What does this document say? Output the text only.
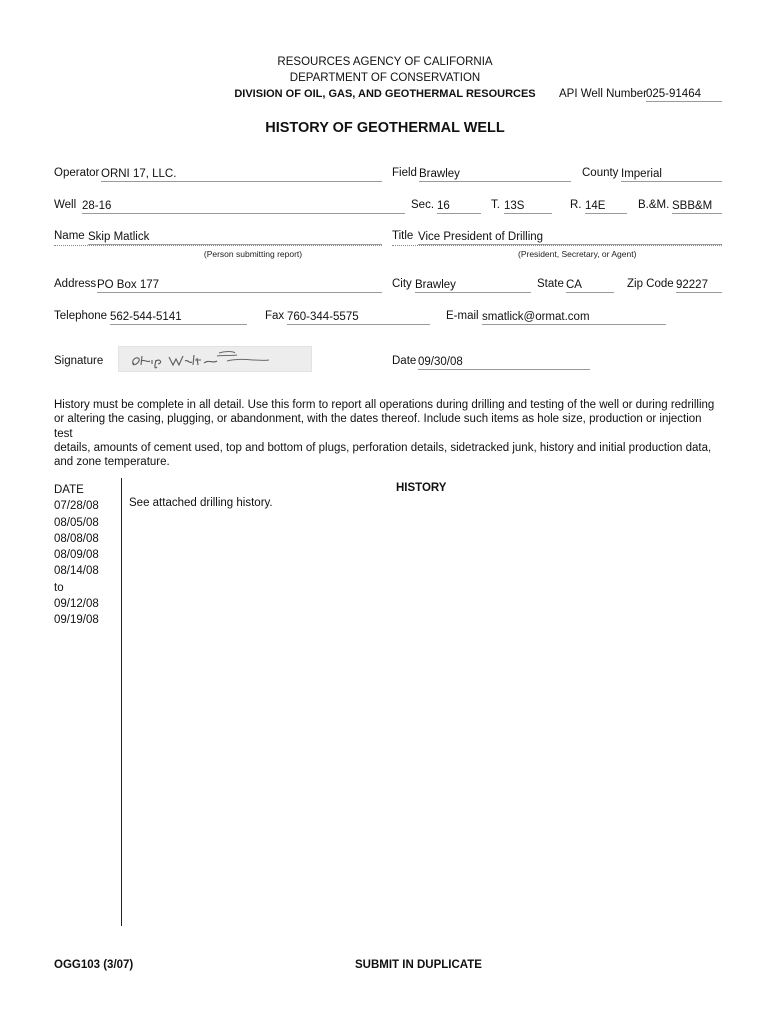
RESOURCES AGENCY OF CALIFORNIA
DEPARTMENT OF CONSERVATION
DIVISION OF OIL, GAS, AND GEOTHERMAL RESOURCES	API Well Number 025-91464
HISTORY OF GEOTHERMAL WELL
Operator ORNI 17, LLC.	Field Brawley	County Imperial
Well 28-16	Sec. 16	T. 13S	R. 14E	B.&M. SBB&M
Name Skip Matlick
(Person submitting report)
Title Vice President of Drilling
(President, Secretary, or Agent)
Address PO Box 177	City Brawley	State CA	Zip Code 92227
Telephone 562-544-5141	Fax 760-344-5575	E-mail smatlick@ormat.com
Signature	Date 09/30/08
History must be complete in all detail. Use this form to report all operations during drilling and testing of the well or during redrilling
or altering the casing, plugging, or abandonment, with the dates thereof. Include such items as hole size, production or injection test
details, amounts of cement used, top and bottom of plugs, perforation details, sidetracked junk, history and initial production data,
and zone temperature.
DATE
07/28/08
08/05/08
08/08/08
08/09/08
08/14/08
to
09/12/08
09/19/08
HISTORY
See attached drilling history.
OGG103 (3/07)	SUBMIT IN DUPLICATE
